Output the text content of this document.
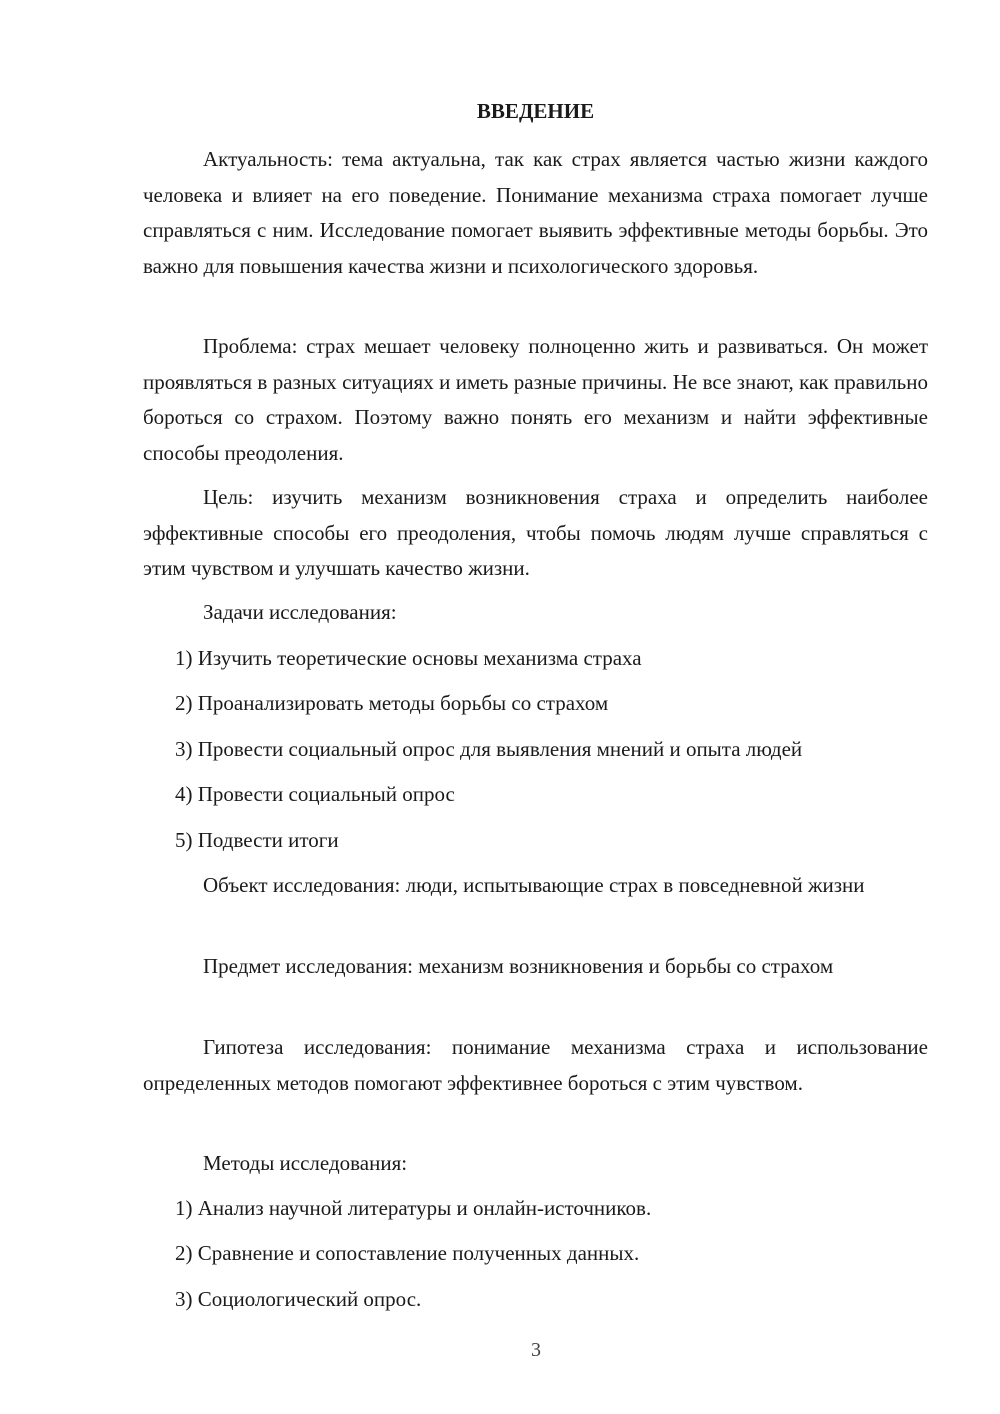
ВВЕДЕНИЕ
Актуальность: тема актуальна, так как страх является частью жизни каждого человека и влияет на его поведение. Понимание механизма страха помогает лучше справляться с ним. Исследование помогает выявить эффективные методы борьбы. Это важно для повышения качества жизни и психологического здоровья.
Проблема: страх мешает человеку полноценно жить и развиваться. Он может проявляться в разных ситуациях и иметь разные причины. Не все знают, как правильно бороться со страхом. Поэтому важно понять его механизм и найти эффективные способы преодоления.
Цель: изучить механизм возникновения страха и определить наиболее эффективные способы его преодоления, чтобы помочь людям лучше справляться с этим чувством и улучшать качество жизни.
Задачи исследования:
1) Изучить теоретические основы механизма страха
2) Проанализировать методы борьбы со страхом
3) Провести социальный опрос для выявления мнений и опыта людей
4) Провести социальный опрос
5) Подвести итоги
Объект исследования: люди, испытывающие страх в повседневной жизни
Предмет исследования: механизм возникновения и борьбы со страхом
Гипотеза исследования: понимание механизма страха и использование определенных методов помогают эффективнее бороться с этим чувством.
Методы исследования:
1) Анализ научной литературы и онлайн-источников.
2) Сравнение и сопоставление полученных данных.
3) Социологический опрос.
3
